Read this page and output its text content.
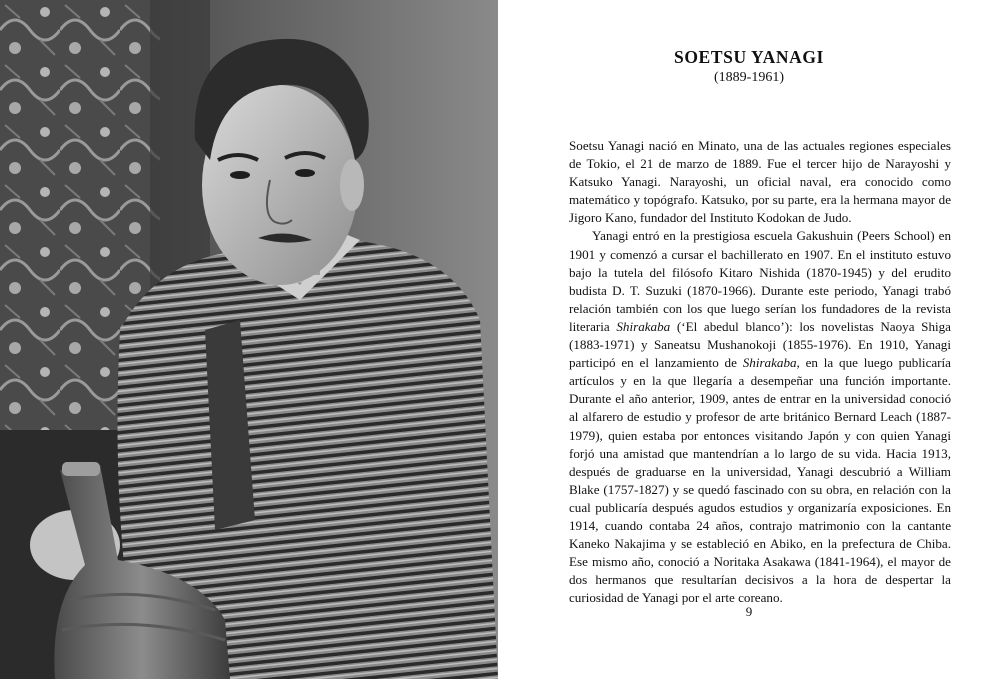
SOETSU YANAGI
(1889-1961)

Soetsu Yanagi nació en Minato, una de las actuales regiones especiales de Tokio, el 21 de marzo de 1889. Fue el tercer hijo de Narayoshi y Katsuko Yanagi. Narayoshi, un oficial naval, era conocido como matemático y topógrafo. Katsuko, por su parte, era la hermana mayor de Jigoro Kano, fundador del Instituto Kodokan de Judo.

Yanagi entró en la prestigiosa escuela Gakushuin (Peers School) en 1901 y comenzó a cursar el bachillerato en 1907. En el instituto estuvo bajo la tutela del filósofo Kitaro Nishida (1870-1945) y del erudito budista D. T. Suzuki (1870-1966). Durante este periodo, Yanagi trabó relación también con los que luego serían los fundadores de la revista literaria Shirakaba (‘El abedul blanco’): los novelistas Naoya Shiga (1883-1971) y Saneatsu Mushanokoji (1855-1976). En 1910, Yanagi participó en el lanzamiento de Shirakaba, en la que luego publicaría artículos y en la que llegaría a desempeñar una función importante. Durante el año anterior, 1909, antes de entrar en la universidad conoció al alfarero de estudio y profesor de arte británico Bernard Leach (1887-1979), quien estaba por entonces visitando Japón y con quien Yanagi forjó una amistad que mantendrían a lo largo de su vida. Hacia 1913, después de graduarse en la universidad, Yanagi descubrió a William Blake (1757-1827) y se quedó fascinado con su obra, en relación con la cual publicaría después agudos estudios y organizaría exposiciones. En 1914, cuando contaba 24 años, contrajo matrimonio con la cantante Kaneko Nakajima y se estableció en Abiko, en la prefectura de Chiba. Ese mismo año, conoció a Noritaka Asakawa (1841-1964), el mayor de dos hermanos que resultarían decisivos a la hora de despertar la curiosidad de Yanagi por el arte coreano.

9
